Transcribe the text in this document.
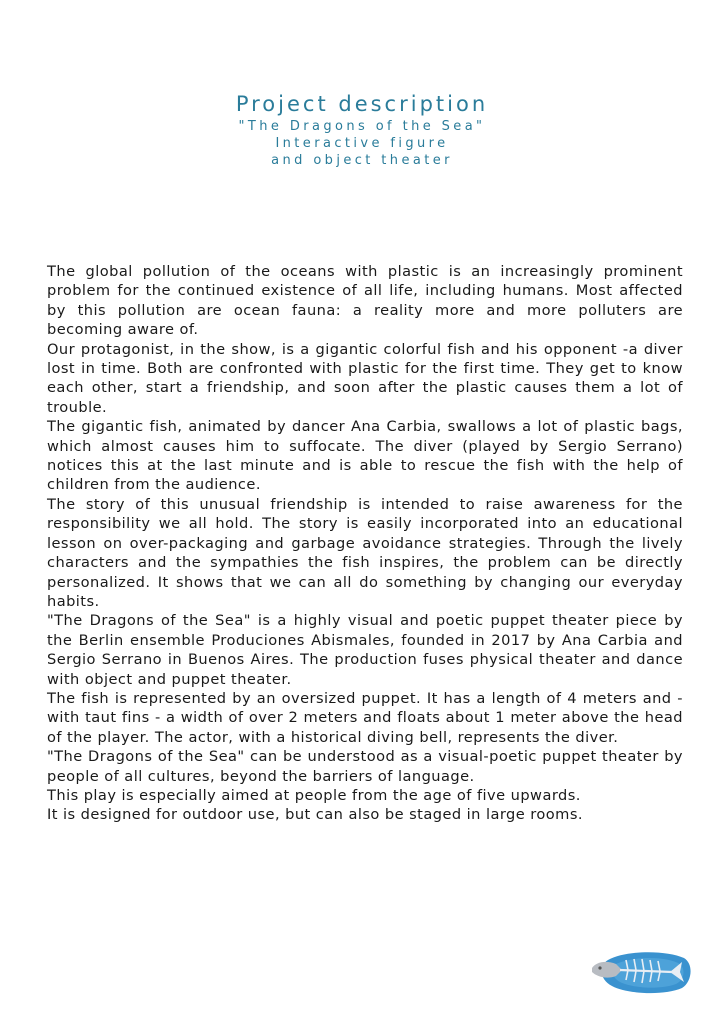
Project description

"The Dragons of the Sea"

Interactive figure

and object theater

The global pollution of the oceans with plastic is an increasingly prominent problem for the continued existence of all life, including humans. Most affected by this pollution are ocean fauna: a reality more and more polluters are becoming aware of.

Our protagonist, in the show, is a gigantic colorful fish and his opponent -a diver lost in time. Both are confronted with plastic for the first time. They get to know each other, start a friendship, and soon after the plastic causes them a lot of trouble.

The gigantic fish, animated by dancer Ana Carbia, swallows a lot of plastic bags, which almost causes him to suffocate. The diver (played by Sergio Serrano) notices this at the last minute and is able to rescue the fish with the help of children from the audience.

The story of this unusual friendship is intended to raise awareness for the responsibility we all hold. The story is easily incorporated into an educational lesson on over-packaging and garbage avoidance strategies. Through the lively characters and the sympathies the fish inspires, the problem can be directly personalized. It shows that we can all do something by changing our everyday habits.

"The Dragons of the Sea" is a highly visual and poetic puppet theater piece by the Berlin ensemble Produciones Abismales, founded in 2017 by Ana Carbia and Sergio Serrano in Buenos Aires. The production fuses physical theater and dance with object and puppet theater.

The fish is represented by an oversized puppet. It has a length of 4 meters and - with taut fins - a width of over 2 meters and floats about 1 meter above the head of the player. The actor, with a historical diving bell, represents the diver.

"The Dragons of the Sea" can be understood as a visual-poetic puppet theater by people of all cultures, beyond the barriers of language.

This play is especially aimed at people from the age of five upwards.

It is designed for outdoor use, but can also be staged in large rooms.
